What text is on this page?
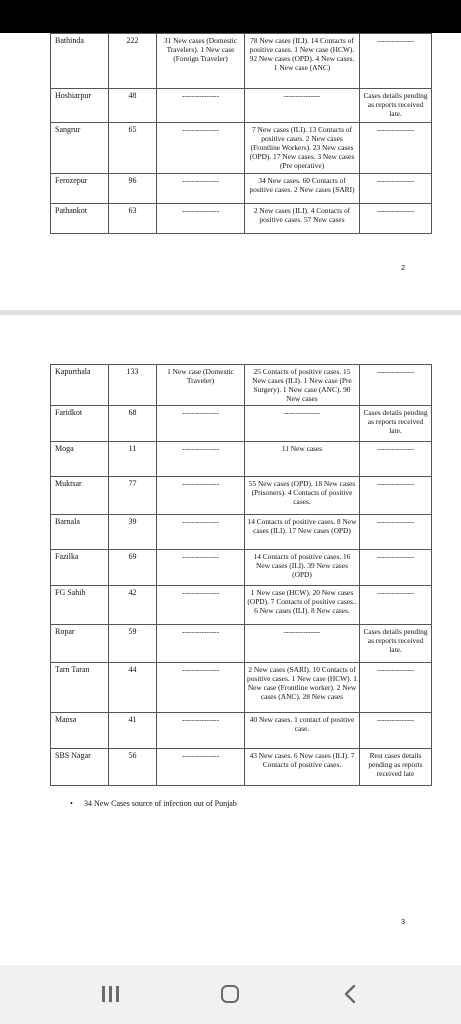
Bathinda	222	31 New cases (Domestic Travelers). 1 New case (Foreign Traveler)	78 New cases (ILI). 14 Contacts of positive cases. 1 New case (HCW). 92 New cases (OPD). 4 New cases. 1 New case (ANC)	---------------
Hoshiarpur	48	---------------	---------------	Cases details pending as reports received late.
Sangrur	65	---------------	7 New cases (ILI). 13 Contacts of positive cases. 2 New cases (Frontline Workers). 23 New cases (OPD). 17 New cases. 3 New cases (Pre operative)	---------------
Ferozepur	96	---------------	34 New cases. 60 Contacts of positive cases. 2 New cases (SARI)	---------------
Pathankot	63	---------------	2 New cases (ILI). 4 Contacts of positive cases. 57 New cases	---------------
2
Kapurthala	133	1 New case (Domestic Traveler)	25 Contacts of positive cases. 15 New cases (ILI). 1 New case (Pre Surgery). 1 New case (ANC). 90 New cases	---------------
Faridkot	68	---------------	---------------	Cases details pending as reports received late.
Moga	11	---------------	11 New cases	---------------
Muktsar	77	---------------	55 New cases (OPD). 18 New cases (Prisoners). 4 Contacts of positive cases.	---------------
Barnala	39	---------------	14 Contacts of positive cases. 8 New cases (ILI). 17 New cases (OPD)	---------------
Fazilka	69	---------------	14 Contacts of positive cases. 16 New cases (ILI). 39 New cases (OPD)	---------------
FG Sahib	42	---------------	1 New case (HCW). 20 New cases (OPD). 7 Contacts of positive cases.. 6 New cases (ILI). 8 New cases.	---------------
Ropar	59	---------------	---------------	Cases details pending as reports received late.
Tarn Taran	44	---------------	2 New cases (SARI). 10 Contacts of positive cases. 1 New case (HCW). 1 New case (Frontline worker). 2 New cases (ANC). 28 New cases	---------------
Mansa	41	---------------	40 New cases. 1 contact of positive case.	---------------
SBS Nagar	56	---------------	43 New cases. 6 New cases (ILI). 7 Contacts of positive cases.	Rest cases details pending as reports received late
• 34 New Cases source of infection out of Punjab
3
